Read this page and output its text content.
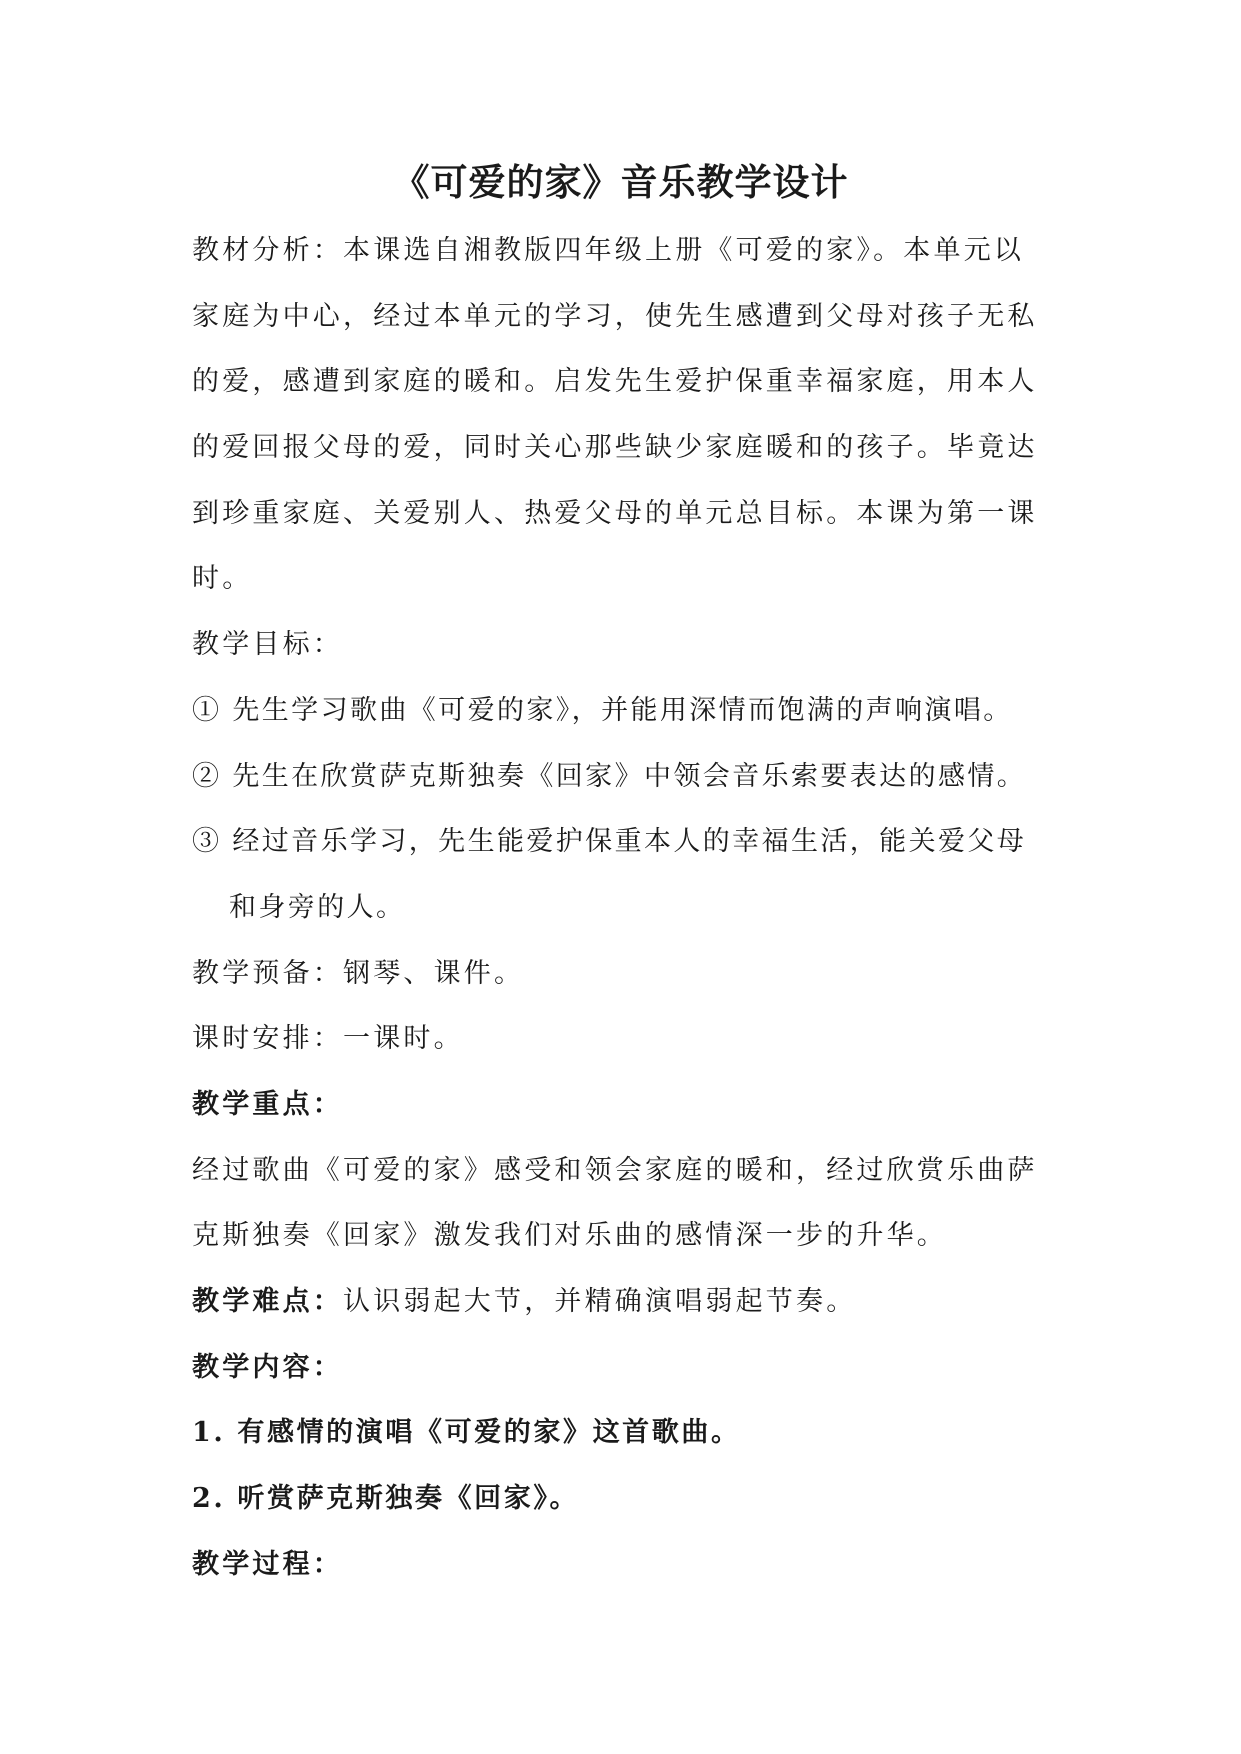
《可爱的家》音乐教学设计
教材分析：本课选自湘教版四年级上册《可爱的家》。本单元以
家庭为中心，经过本单元的学习，使先生感遭到父母对孩子无私
的爱，感遭到家庭的暖和。启发先生爱护保重幸福家庭，用本人
的爱回报父母的爱，同时关心那些缺少家庭暖和的孩子。毕竟达
到珍重家庭、关爱别人、热爱父母的单元总目标。本课为第一课
时。
教学目标：
① 先生学习歌曲《可爱的家》，并能用深情而饱满的声响演唱。
② 先生在欣赏萨克斯独奏《回家》中领会音乐索要表达的感情。
③ 经过音乐学习，先生能爱护保重本人的幸福生活，能关爱父母
和身旁的人。
教学预备：钢琴、课件。
课时安排：一课时。
教学重点：
经过歌曲《可爱的家》感受和领会家庭的暖和，经过欣赏乐曲萨
克斯独奏《回家》激发我们对乐曲的感情深一步的升华。
教学难点：认识弱起大节，并精确演唱弱起节奏。
教学内容：
1. 有感情的演唱《可爱的家》这首歌曲。
2. 听赏萨克斯独奏《回家》。
教学过程：
